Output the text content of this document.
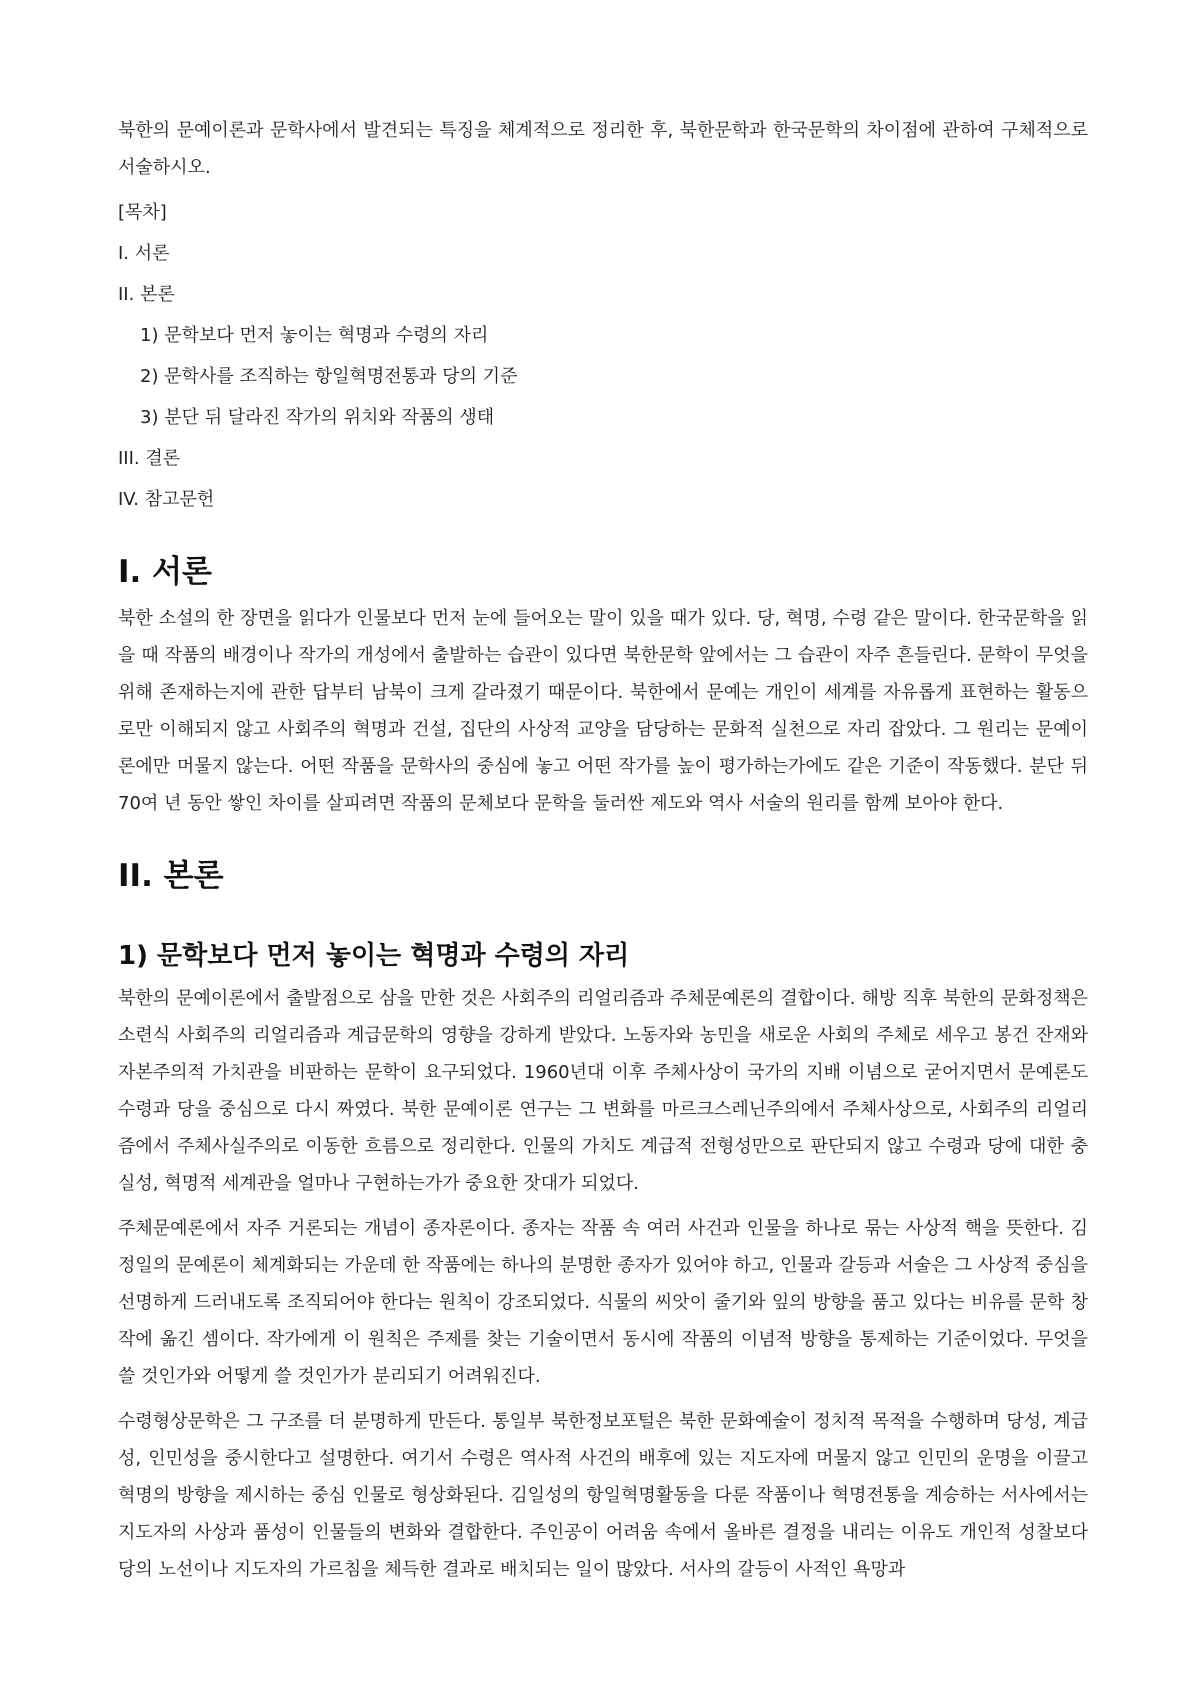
북한의 문예이론과 문학사에서 발견되는 특징을 체계적으로 정리한 후, 북한문학과 한국문학의 차이점에 관하여 구체적으로 서술하시오.

[목차]

I. 서론

II. 본론

1) 문학보다 먼저 놓이는 혁명과 수령의 자리

2) 문학사를 조직하는 항일혁명전통과 당의 기준

3) 분단 뒤 달라진 작가의 위치와 작품의 생태

III. 결론

IV. 참고문헌

I. 서론

북한 소설의 한 장면을 읽다가 인물보다 먼저 눈에 들어오는 말이 있을 때가 있다. 당, 혁명, 수령 같은 말이다. 한국문학을 읽을 때 작품의 배경이나 작가의 개성에서 출발하는 습관이 있다면 북한문학 앞에서는 그 습관이 자주 흔들린다. 문학이 무엇을 위해 존재하는지에 관한 답부터 남북이 크게 갈라졌기 때문이다. 북한에서 문예는 개인이 세계를 자유롭게 표현하는 활동으로만 이해되지 않고 사회주의 혁명과 건설, 집단의 사상적 교양을 담당하는 문화적 실천으로 자리 잡았다. 그 원리는 문예이론에만 머물지 않는다. 어떤 작품을 문학사의 중심에 놓고 어떤 작가를 높이 평가하는가에도 같은 기준이 작동했다. 분단 뒤 70여 년 동안 쌓인 차이를 살피려면 작품의 문체보다 문학을 둘러싼 제도와 역사 서술의 원리를 함께 보아야 한다.

II. 본론
1) 문학보다 먼저 놓이는 혁명과 수령의 자리

북한의 문예이론에서 출발점으로 삼을 만한 것은 사회주의 리얼리즘과 주체문예론의 결합이다. 해방 직후 북한의 문화정책은 소련식 사회주의 리얼리즘과 계급문학의 영향을 강하게 받았다. 노동자와 농민을 새로운 사회의 주체로 세우고 봉건 잔재와 자본주의적 가치관을 비판하는 문학이 요구되었다. 1960년대 이후 주체사상이 국가의 지배 이념으로 굳어지면서 문예론도 수령과 당을 중심으로 다시 짜였다. 북한 문예이론 연구는 그 변화를 마르크스레닌주의에서 주체사상으로, 사회주의 리얼리즘에서 주체사실주의로 이동한 흐름으로 정리한다. 인물의 가치도 계급적 전형성만으로 판단되지 않고 수령과 당에 대한 충실성, 혁명적 세계관을 얼마나 구현하는가가 중요한 잣대가 되었다.

주체문예론에서 자주 거론되는 개념이 종자론이다. 종자는 작품 속 여러 사건과 인물을 하나로 묶는 사상적 핵을 뜻한다. 김정일의 문예론이 체계화되는 가운데 한 작품에는 하나의 분명한 종자가 있어야 하고, 인물과 갈등과 서술은 그 사상적 중심을 선명하게 드러내도록 조직되어야 한다는 원칙이 강조되었다. 식물의 씨앗이 줄기와 잎의 방향을 품고 있다는 비유를 문학 창작에 옮긴 셈이다. 작가에게 이 원칙은 주제를 찾는 기술이면서 동시에 작품의 이념적 방향을 통제하는 기준이었다. 무엇을 쓸 것인가와 어떻게 쓸 것인가가 분리되기 어려워진다.

수령형상문학은 그 구조를 더 분명하게 만든다. 통일부 북한정보포털은 북한 문화예술이 정치적 목적을 수행하며 당성, 계급성, 인민성을 중시한다고 설명한다. 여기서 수령은 역사적 사건의 배후에 있는 지도자에 머물지 않고 인민의 운명을 이끌고 혁명의 방향을 제시하는 중심 인물로 형상화된다. 김일성의 항일혁명활동을 다룬 작품이나 혁명전통을 계승하는 서사에서는 지도자의 사상과 품성이 인물들의 변화와 결합한다. 주인공이 어려움 속에서 올바른 결정을 내리는 이유도 개인적 성찰보다 당의 노선이나 지도자의 가르침을 체득한 결과로 배치되는 일이 많았다. 서사의 갈등이 사적인 욕망과
